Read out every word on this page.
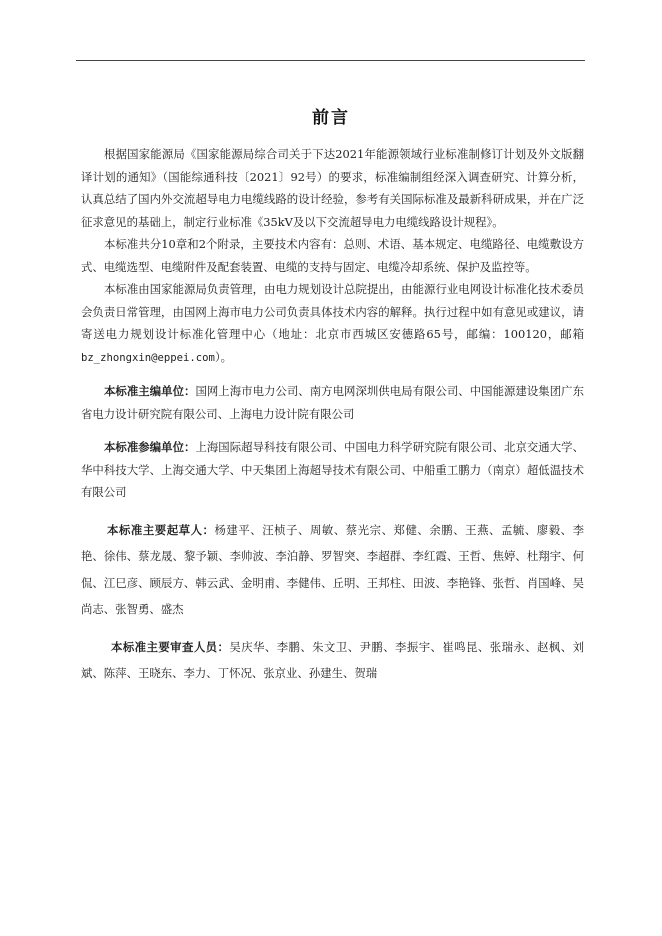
前言

根据国家能源局《国家能源局综合司关于下达2021年能源领域行业标准制修订计划及外文版翻译计划的通知》（国能综通科技〔2021〕92号）的要求，标准编制组经深入调查研究、计算分析，认真总结了国内外交流超导电力电缆线路的设计经验，参考有关国际标准及最新科研成果，并在广泛征求意见的基础上，制定行业标准《35kV及以下交流超导电力电缆线路设计规程》。

本标准共分10章和2个附录，主要技术内容有：总则、术语、基本规定、电缆路径、电缆敷设方式、电缆选型、电缆附件及配套装置、电缆的支持与固定、电缆冷却系统、保护及监控等。

本标准由国家能源局负责管理，由电力规划设计总院提出，由能源行业电网设计标准化技术委员会负责日常管理，由国网上海市电力公司负责具体技术内容的解释。执行过程中如有意见或建议，请寄送电力规划设计标准化管理中心（地址：北京市西城区安德路65号，邮编：100120，邮箱bz_zhongxin@eppei.com）。

本标准主编单位：国网上海市电力公司、南方电网深圳供电局有限公司、中国能源建设集团广东省电力设计研究院有限公司、上海电力设计院有限公司

本标准参编单位：上海国际超导科技有限公司、中国电力科学研究院有限公司、北京交通大学、华中科技大学、上海交通大学、中天集团上海超导技术有限公司、中船重工鹏力（南京）超低温技术有限公司

本标准主要起草人：杨建平、汪桢子、周敏、蔡光宗、郑健、余鹏、王燕、孟毓、廖毅、李艳、徐伟、蔡龙晟、黎予颖、李帅波、李泊静、罗智突、李超群、李红霞、王哲、焦婷、杜翔宇、何侃、江巳彦、顾辰方、韩云武、金明甫、李健伟、丘明、王邦柱、田波、李艳锋、张哲、肖国峰、吴尚志、张智勇、盛杰

本标准主要审查人员：吴庆华、李鹏、朱文卫、尹鹏、李振宇、崔鸣昆、张瑞永、赵枫、刘斌、陈萍、王晓东、李力、丁怀况、张京业、孙建生、贺瑞
